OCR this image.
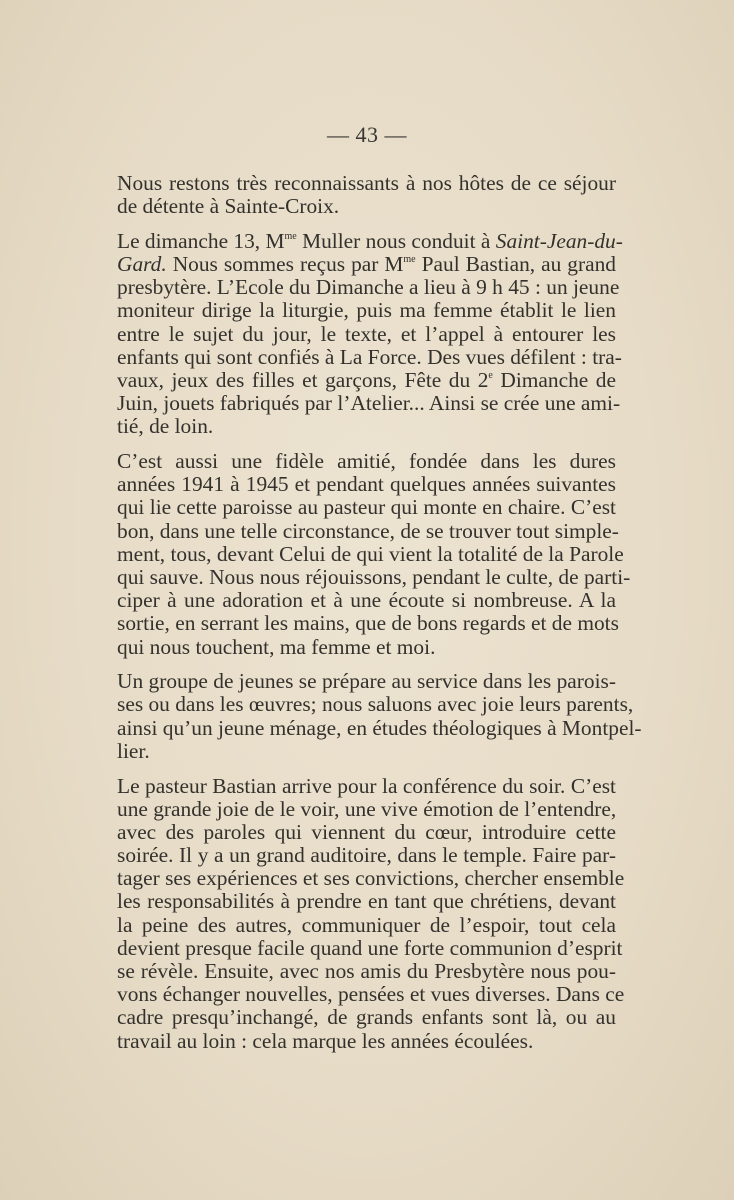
— 43 —
Nous restons très reconnaissants à nos hôtes de ce séjour
de détente à Sainte-Croix.
Le dimanche 13, $M^{me}$ Muller nous conduit à Saint-Jean-du-
Gard. Nous sommes reçus par $M^{me}$ Paul Bastian, au grand
presbytère. L’Ecole du Dimanche a lieu à 9 h 45 : un jeune
moniteur dirige la liturgie, puis ma femme établit le lien
entre le sujet du jour, le texte, et l’appel à entourer les
enfants qui sont confiés à La Force. Des vues défilent : tra-
vaux, jeux des filles et garçons, Fête du 2e Dimanche de
Juin, jouets fabriqués par l’Atelier... Ainsi se crée une ami-
tié, de loin.
C’est aussi une fidèle amitié, fondée dans les dures
années 1941 à 1945 et pendant quelques années suivantes
qui lie cette paroisse au pasteur qui monte en chaire. C’est
bon, dans une telle circonstance, de se trouver tout simple-
ment, tous, devant Celui de qui vient la totalité de la Parole
qui sauve. Nous nous réjouissons, pendant le culte, de parti-
ciper à une adoration et à une écoute si nombreuse. A la
sortie, en serrant les mains, que de bons regards et de mots
qui nous touchent, ma femme et moi.
Un groupe de jeunes se prépare au service dans les parois-
ses ou dans les œuvres; nous saluons avec joie leurs parents,
ainsi qu’un jeune ménage, en études théologiques à Montpel-
lier.
Le pasteur Bastian arrive pour la conférence du soir. C’est
une grande joie de le voir, une vive émotion de l’entendre,
avec des paroles qui viennent du cœur, introduire cette
soirée. Il y a un grand auditoire, dans le temple. Faire par-
tager ses expériences et ses convictions, chercher ensemble
les responsabilités à prendre en tant que chrétiens, devant
la peine des autres, communiquer de l’espoir, tout cela
devient presque facile quand une forte communion d’esprit
se révèle. Ensuite, avec nos amis du Presbytère nous pou-
vons échanger nouvelles, pensées et vues diverses. Dans ce
cadre presqu’inchangé, de grands enfants sont là, ou au
travail au loin : cela marque les années écoulées.
